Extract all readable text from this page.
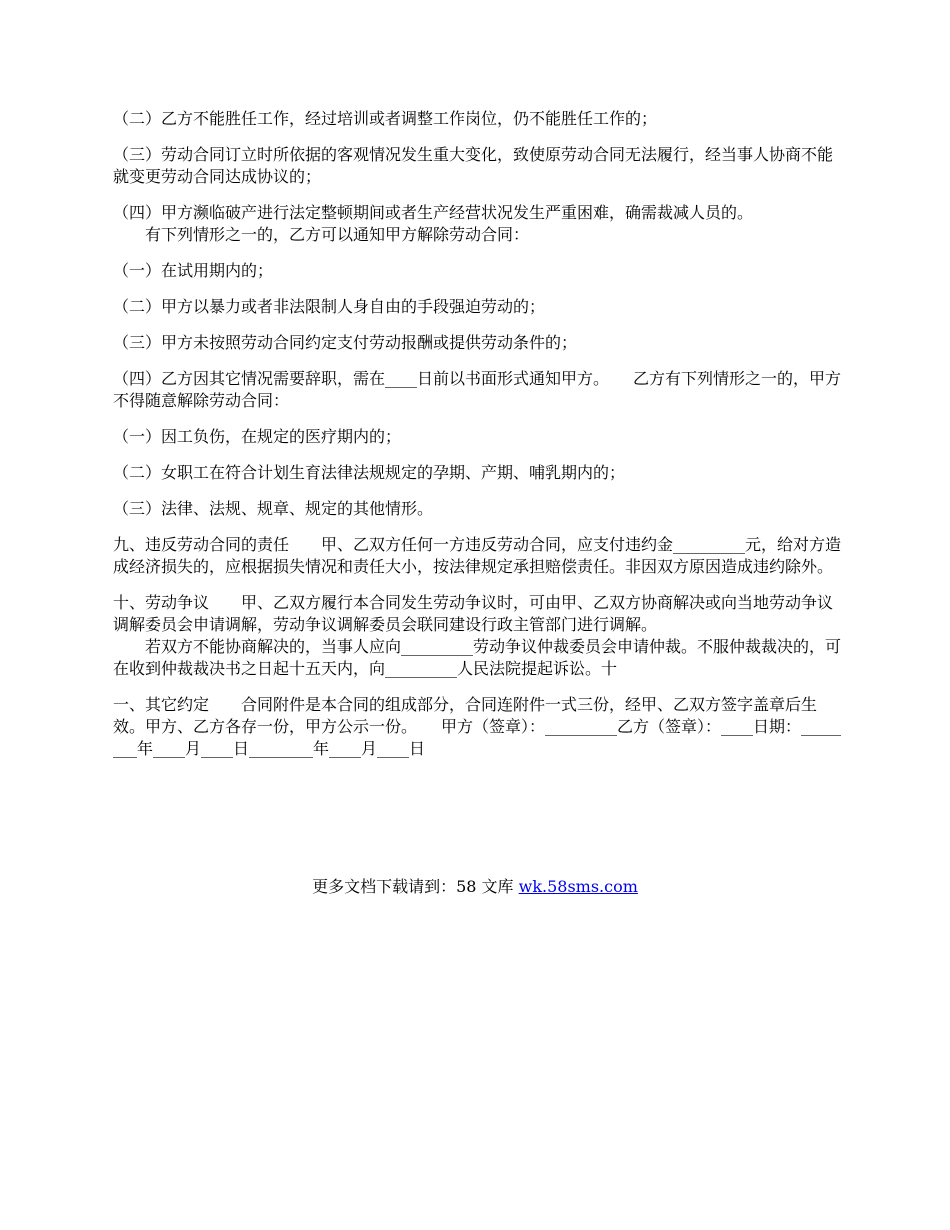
（二）乙方不能胜任工作，经过培训或者调整工作岗位，仍不能胜任工作的；

（三）劳动合同订立时所依据的客观情况发生重大变化，致使原劳动合同无法履行，经当事人协商不能就变更劳动合同达成协议的；

（四）甲方濒临破产进行法定整顿期间或者生产经营状况发生严重困难，确需裁减人员的。

　　有下列情形之一的，乙方可以通知甲方解除劳动合同：

（一）在试用期内的；

（二）甲方以暴力或者非法限制人身自由的手段强迫劳动的；

（三）甲方未按照劳动合同约定支付劳动报酬或提供劳动条件的；

（四）乙方因其它情况需要辞职，需在____日前以书面形式通知甲方。　　乙方有下列情形之一的，甲方不得随意解除劳动合同：

（一）因工负伤，在规定的医疗期内的；

（二）女职工在符合计划生育法律法规规定的孕期、产期、哺乳期内的；

（三）法律、法规、规章、规定的其他情形。

九、违反劳动合同的责任　　甲、乙双方任何一方违反劳动合同，应支付违约金_________元，给对方造成经济损失的，应根据损失情况和责任大小，按法律规定承担赔偿责任。非因双方原因造成违约除外。

十、劳动争议　　甲、乙双方履行本合同发生劳动争议时，可由甲、乙双方协商解决或向当地劳动争议调解委员会申请调解，劳动争议调解委员会联同建设行政主管部门进行调解。

　　若双方不能协商解决的，当事人应向_________劳动争议仲裁委员会申请仲裁。不服仲裁裁决的，可在收到仲裁裁决书之日起十五天内，向_________人民法院提起诉讼。十

一、其它约定　　合同附件是本合同的组成部分，合同连附件一式三份，经甲、乙双方签字盖章后生效。甲方、乙方各存一份，甲方公示一份。　　甲方（签章）：_________乙方（签章）：____日期：________年____月____日________年____月____日

更多文档下载请到：58 文库 wk.58sms.com
